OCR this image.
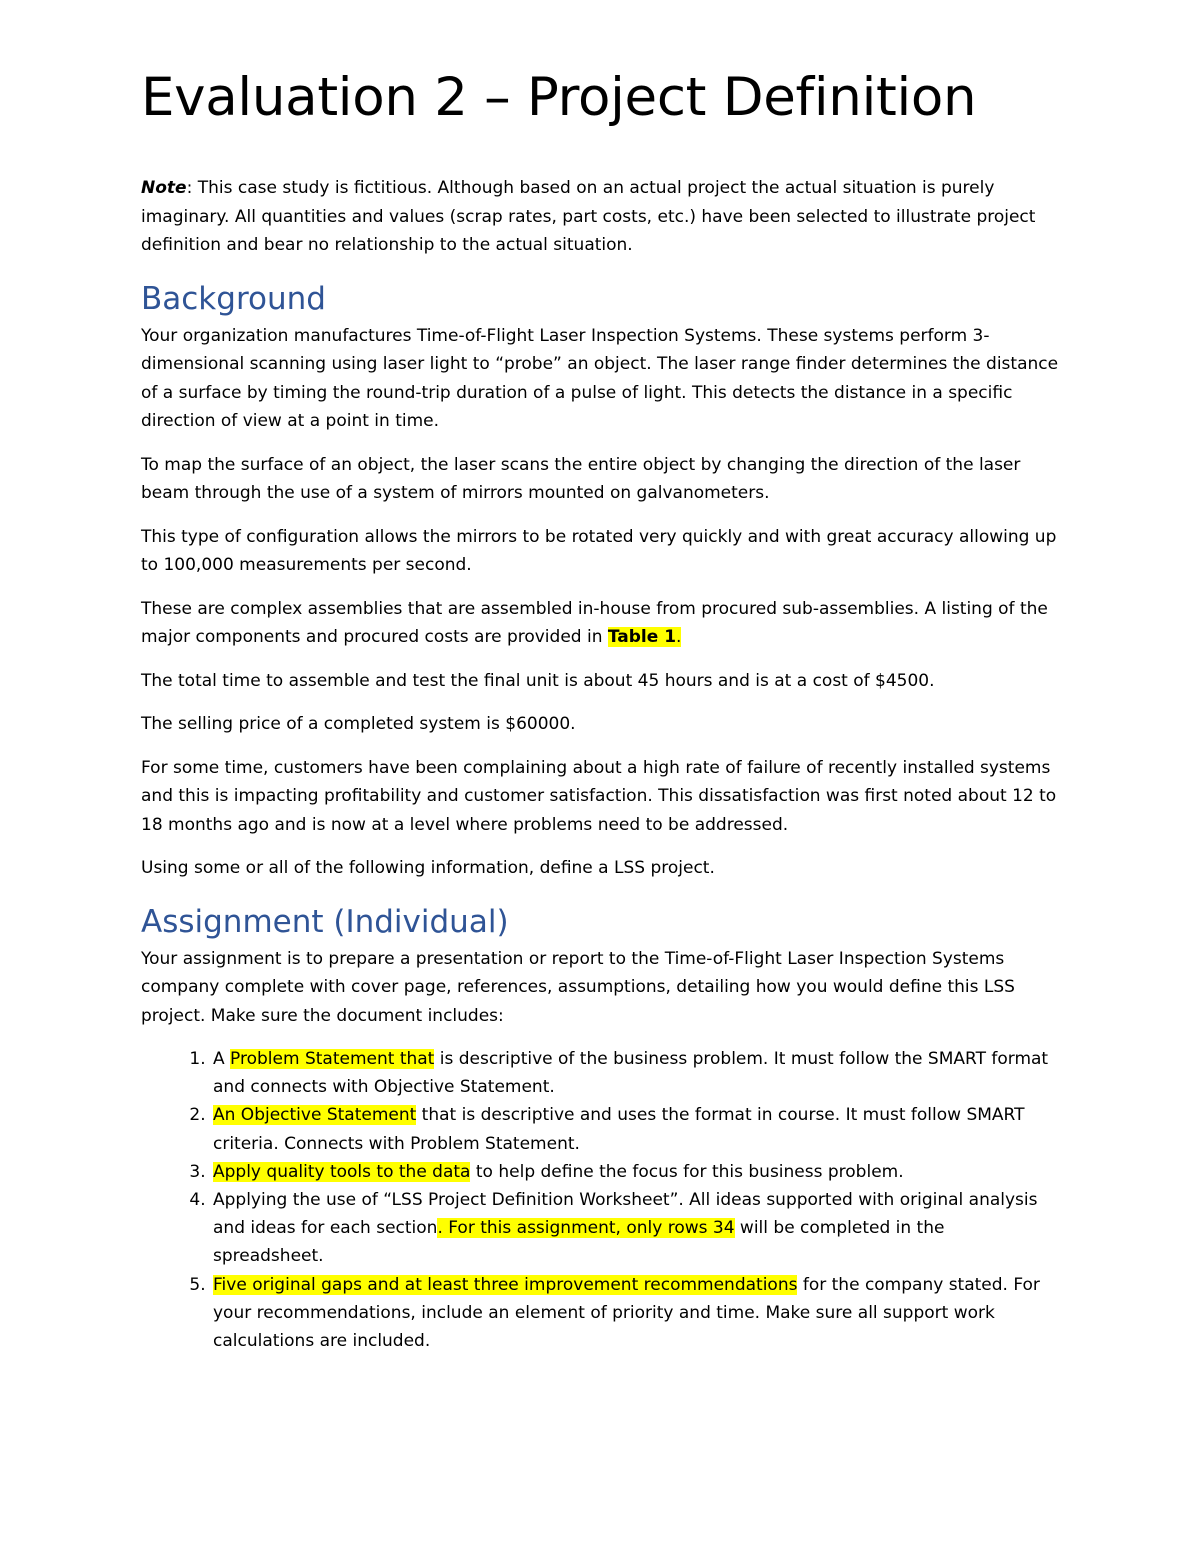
Evaluation 2 – Project Definition

Note: This case study is fictitious. Although based on an actual project the actual situation is purely imaginary. All quantities and values (scrap rates, part costs, etc.) have been selected to illustrate project definition and bear no relationship to the actual situation.

Background

Your organization manufactures Time-of-Flight Laser Inspection Systems. These systems perform 3-dimensional scanning using laser light to “probe” an object. The laser range finder determines the distance of a surface by timing the round-trip duration of a pulse of light. This detects the distance in a specific direction of view at a point in time.

To map the surface of an object, the laser scans the entire object by changing the direction of the laser beam through the use of a system of mirrors mounted on galvanometers.

This type of configuration allows the mirrors to be rotated very quickly and with great accuracy allowing up to 100,000 measurements per second.

These are complex assemblies that are assembled in-house from procured sub-assemblies. A listing of the major components and procured costs are provided in Table 1.

The total time to assemble and test the final unit is about 45 hours and is at a cost of $4500.

The selling price of a completed system is $60000.

For some time, customers have been complaining about a high rate of failure of recently installed systems and this is impacting profitability and customer satisfaction. This dissatisfaction was first noted about 12 to 18 months ago and is now at a level where problems need to be addressed.

Using some or all of the following information, define a LSS project.

Assignment (Individual)

Your assignment is to prepare a presentation or report to the Time-of-Flight Laser Inspection Systems company complete with cover page, references, assumptions, detailing how you would define this LSS project. Make sure the document includes:

1. A Problem Statement that is descriptive of the business problem. It must follow the SMART format and connects with Objective Statement.
2. An Objective Statement that is descriptive and uses the format in course. It must follow SMART criteria. Connects with Problem Statement.
3. Apply quality tools to the data to help define the focus for this business problem.
4. Applying the use of “LSS Project Definition Worksheet”. All ideas supported with original analysis and ideas for each section. For this assignment, only rows 34 will be completed in the spreadsheet.
5. Five original gaps and at least three improvement recommendations for the company stated. For your recommendations, include an element of priority and time. Make sure all support work calculations are included.
